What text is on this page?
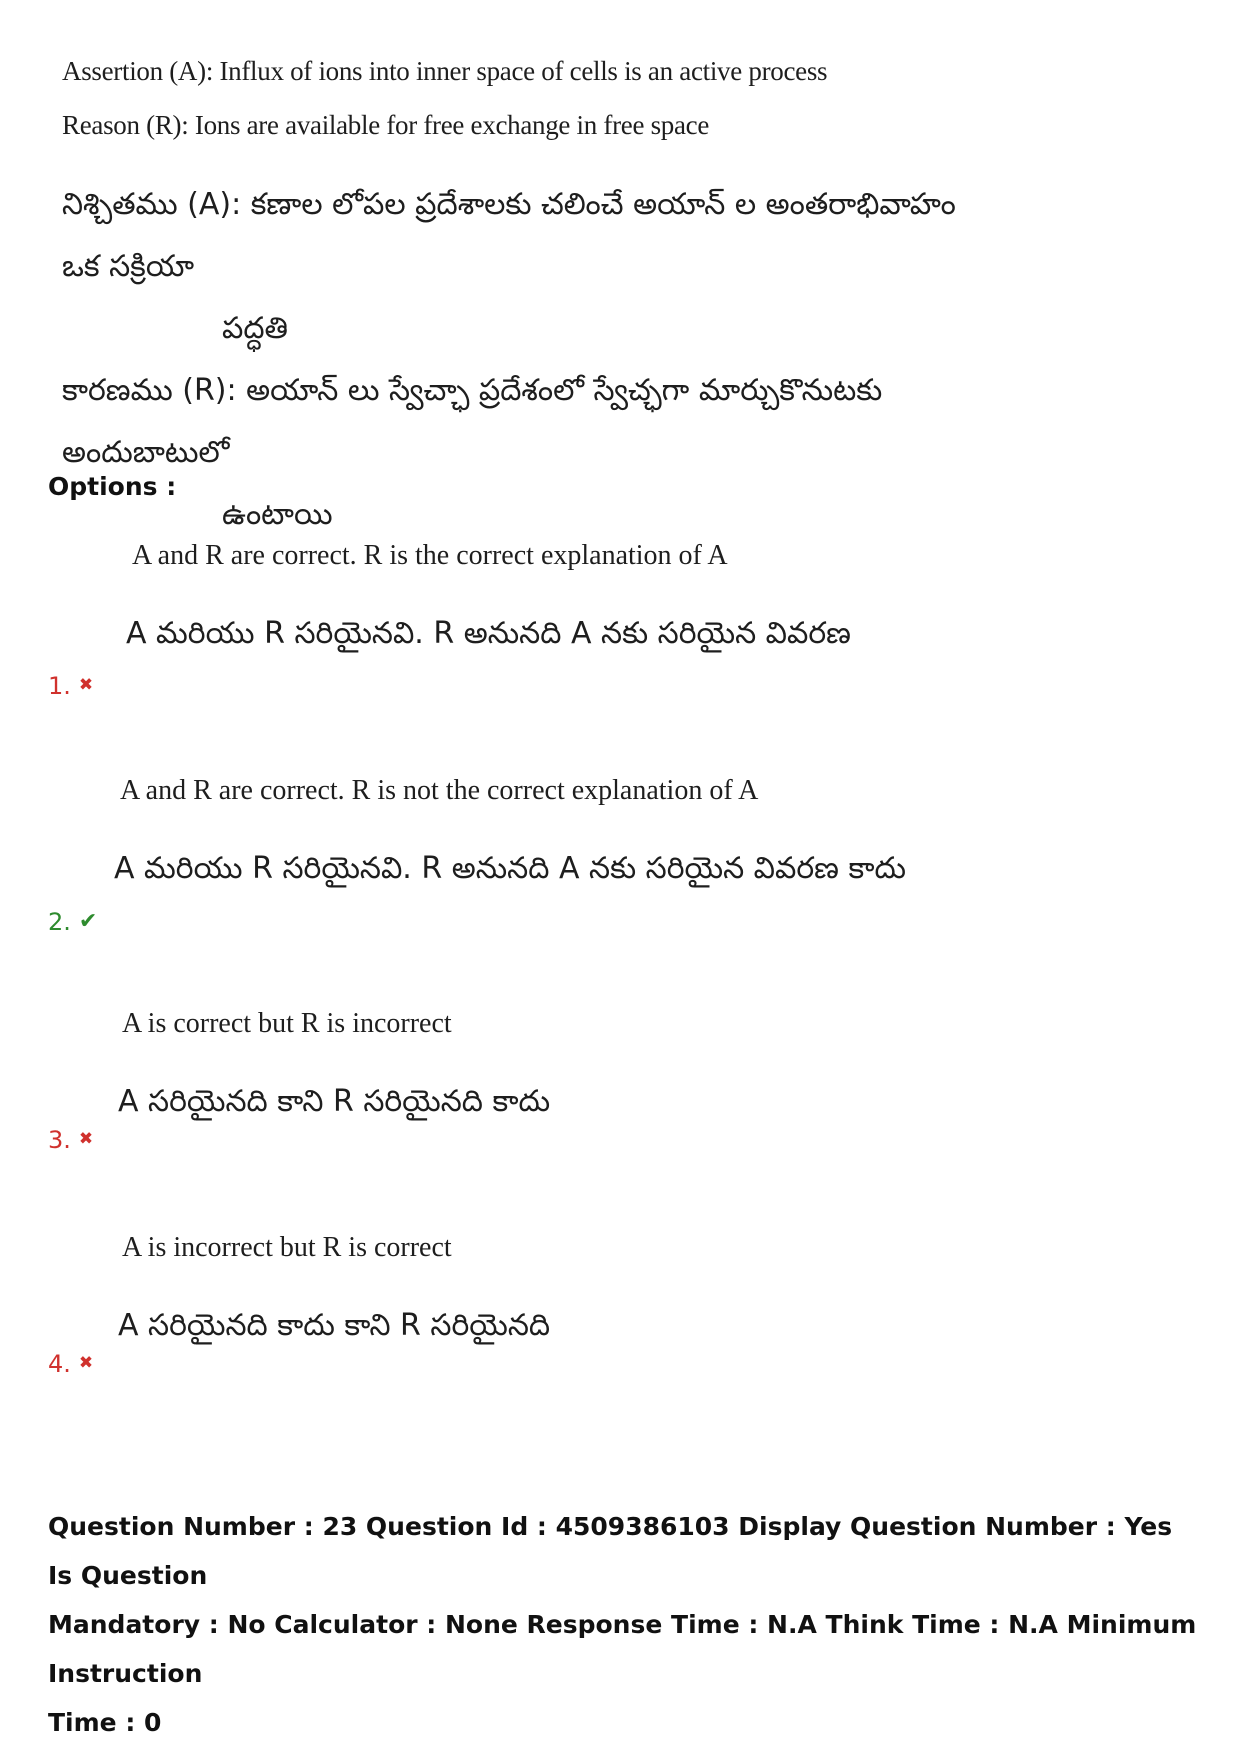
Assertion (A): Influx of ions into inner space of cells is an active process
Reason (R): Ions are available for free exchange in free space
నిశ్చితము (A): కణాల లోపల ప్రదేశాలకు చలించే అయాన్ ల అంతరాభివాహం ఒక సక్రియా
పద్ధతి
కారణము (R): అయాన్ లు స్వేచ్ఛా ప్రదేశంలో స్వేచ్ఛగా మార్చుకొనుటకు అందుబాటులో
ఉంటాయి
Options :
A and R are correct. R is the correct explanation of A
A మరియు R సరియైనవి. R అనునది A నకు సరియైన వివరణ
1. ✖
A and R are correct. R is not the correct explanation of A
A మరియు R సరియైనవి. R అనునది A నకు సరియైన వివరణ కాదు
2. ✔
A is correct but R is incorrect
A సరియైనది కాని R సరియైనది కాదు
3. ✖
A is incorrect but R is correct
A సరియైనది కాదు కాని R సరియైనది
4. ✖
Question Number : 23 Question Id : 4509386103 Display Question Number : Yes Is Question
Mandatory : No Calculator : None Response Time : N.A Think Time : N.A Minimum Instruction
Time : 0
